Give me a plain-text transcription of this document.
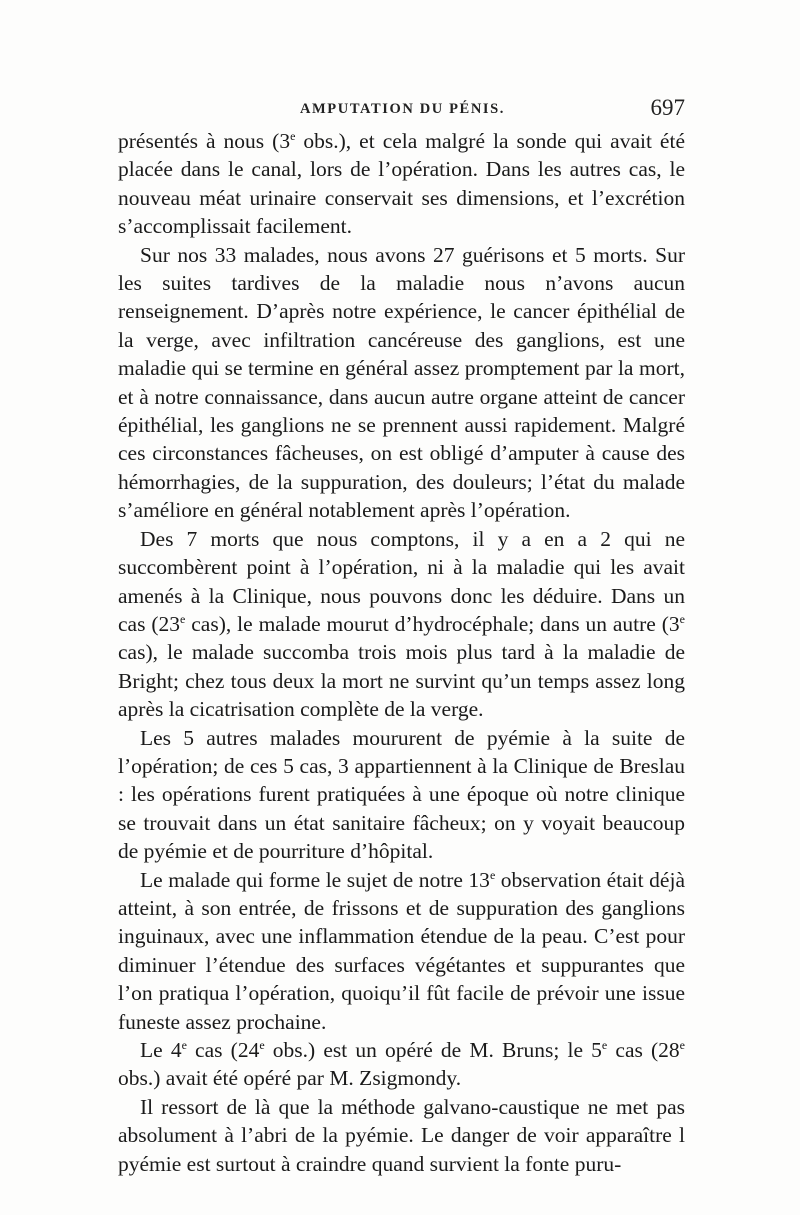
AMPUTATION DU PÉNIS.	697

présentés à nous (3e obs.), et cela malgré la sonde qui avait été placée dans le canal, lors de l’opération. Dans les autres cas, le nouveau méat urinaire conservait ses dimensions, et l’excrétion s’accomplissait facilement.

Sur nos 33 malades, nous avons 27 guérisons et 5 morts. Sur les suites tardives de la maladie nous n’avons aucun renseignement. D’après notre expérience, le cancer épithélial de la verge, avec infiltration cancéreuse des ganglions, est une maladie qui se termine en général assez promptement par la mort, et à notre connaissance, dans aucun autre organe atteint de cancer épithélial, les ganglions ne se prennent aussi rapidement. Malgré ces circonstances fâcheuses, on est obligé d’amputer à cause des hémorrhagies, de la suppuration, des douleurs; l’état du malade s’améliore en général notablement après l’opération.

Des 7 morts que nous comptons, il y a en a 2 qui ne succombèrent point à l’opération, ni à la maladie qui les avait amenés à la Clinique, nous pouvons donc les déduire. Dans un cas (23e cas), le malade mourut d’hydrocéphale; dans un autre (3e cas), le malade succomba trois mois plus tard à la maladie de Bright; chez tous deux la mort ne survint qu’un temps assez long après la cicatrisation complète de la verge.

Les 5 autres malades moururent de pyémie à la suite de l’opération; de ces 5 cas, 3 appartiennent à la Clinique de Breslau : les opérations furent pratiquées à une époque où notre clinique se trouvait dans un état sanitaire fâcheux; on y voyait beaucoup de pyémie et de pourriture d’hôpital.

Le malade qui forme le sujet de notre 13e observation était déjà atteint, à son entrée, de frissons et de suppuration des ganglions inguinaux, avec une inflammation étendue de la peau. C’est pour diminuer l’étendue des surfaces végétantes et suppurantes que l’on pratiqua l’opération, quoiqu’il fût facile de prévoir une issue funeste assez prochaine.

Le 4e cas (24e obs.) est un opéré de M. Bruns; le 5e cas (28e obs.) avait été opéré par M. Zsigmondy.

Il ressort de là que la méthode galvano-caustique ne met pas absolument à l’abri de la pyémie. Le danger de voir apparaître l pyémie est surtout à craindre quand survient la fonte puru-
